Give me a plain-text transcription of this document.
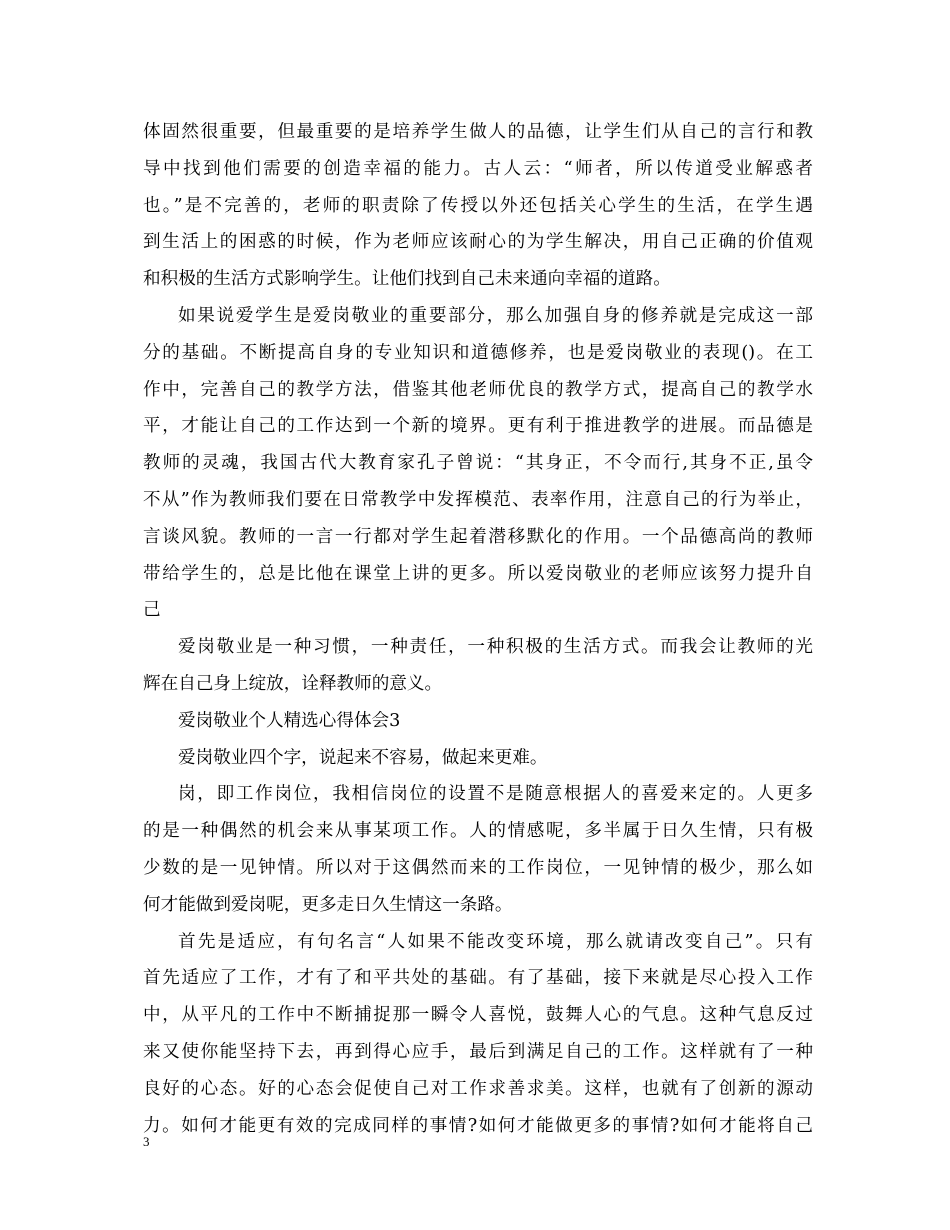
体固然很重要，但最重要的是培养学生做人的品德，让学生们从自己的言行和教
导中找到他们需要的创造幸福的能力。古人云：“师者，所以传道受业解惑者
也。”是不完善的，老师的职责除了传授以外还包括关心学生的生活，在学生遇
到生活上的困惑的时候，作为老师应该耐心的为学生解决，用自己正确的价值观
和积极的生活方式影响学生。让他们找到自己未来通向幸福的道路。
如果说爱学生是爱岗敬业的重要部分，那么加强自身的修养就是完成这一部
分的基础。不断提高自身的专业知识和道德修养，也是爱岗敬业的表现()。在工
作中，完善自己的教学方法，借鉴其他老师优良的教学方式，提高自己的教学水
平，才能让自己的工作达到一个新的境界。更有利于推进教学的进展。而品德是
教师的灵魂，我国古代大教育家孔子曾说：“其身正，不令而行,其身不正,虽令
不从”作为教师我们要在日常教学中发挥模范、表率作用，注意自己的行为举止，
言谈风貌。教师的一言一行都对学生起着潜移默化的作用。一个品德高尚的教师
带给学生的，总是比他在课堂上讲的更多。所以爱岗敬业的老师应该努力提升自
己
爱岗敬业是一种习惯，一种责任，一种积极的生活方式。而我会让教师的光
辉在自己身上绽放，诠释教师的意义。
爱岗敬业个人精选心得体会3
爱岗敬业四个字，说起来不容易，做起来更难。
岗，即工作岗位，我相信岗位的设置不是随意根据人的喜爱来定的。人更多
的是一种偶然的机会来从事某项工作。人的情感呢，多半属于日久生情，只有极
少数的是一见钟情。所以对于这偶然而来的工作岗位，一见钟情的极少，那么如
何才能做到爱岗呢，更多走日久生情这一条路。
首先是适应，有句名言“人如果不能改变环境，那么就请改变自己”。只有
首先适应了工作，才有了和平共处的基础。有了基础，接下来就是尽心投入工作
中，从平凡的工作中不断捕捉那一瞬令人喜悦，鼓舞人心的气息。这种气息反过
来又使你能坚持下去，再到得心应手，最后到满足自己的工作。这样就有了一种
良好的心态。好的心态会促使自己对工作求善求美。这样，也就有了创新的源动
力。如何才能更有效的完成同样的事情?如何才能做更多的事情?如何才能将自己
3
